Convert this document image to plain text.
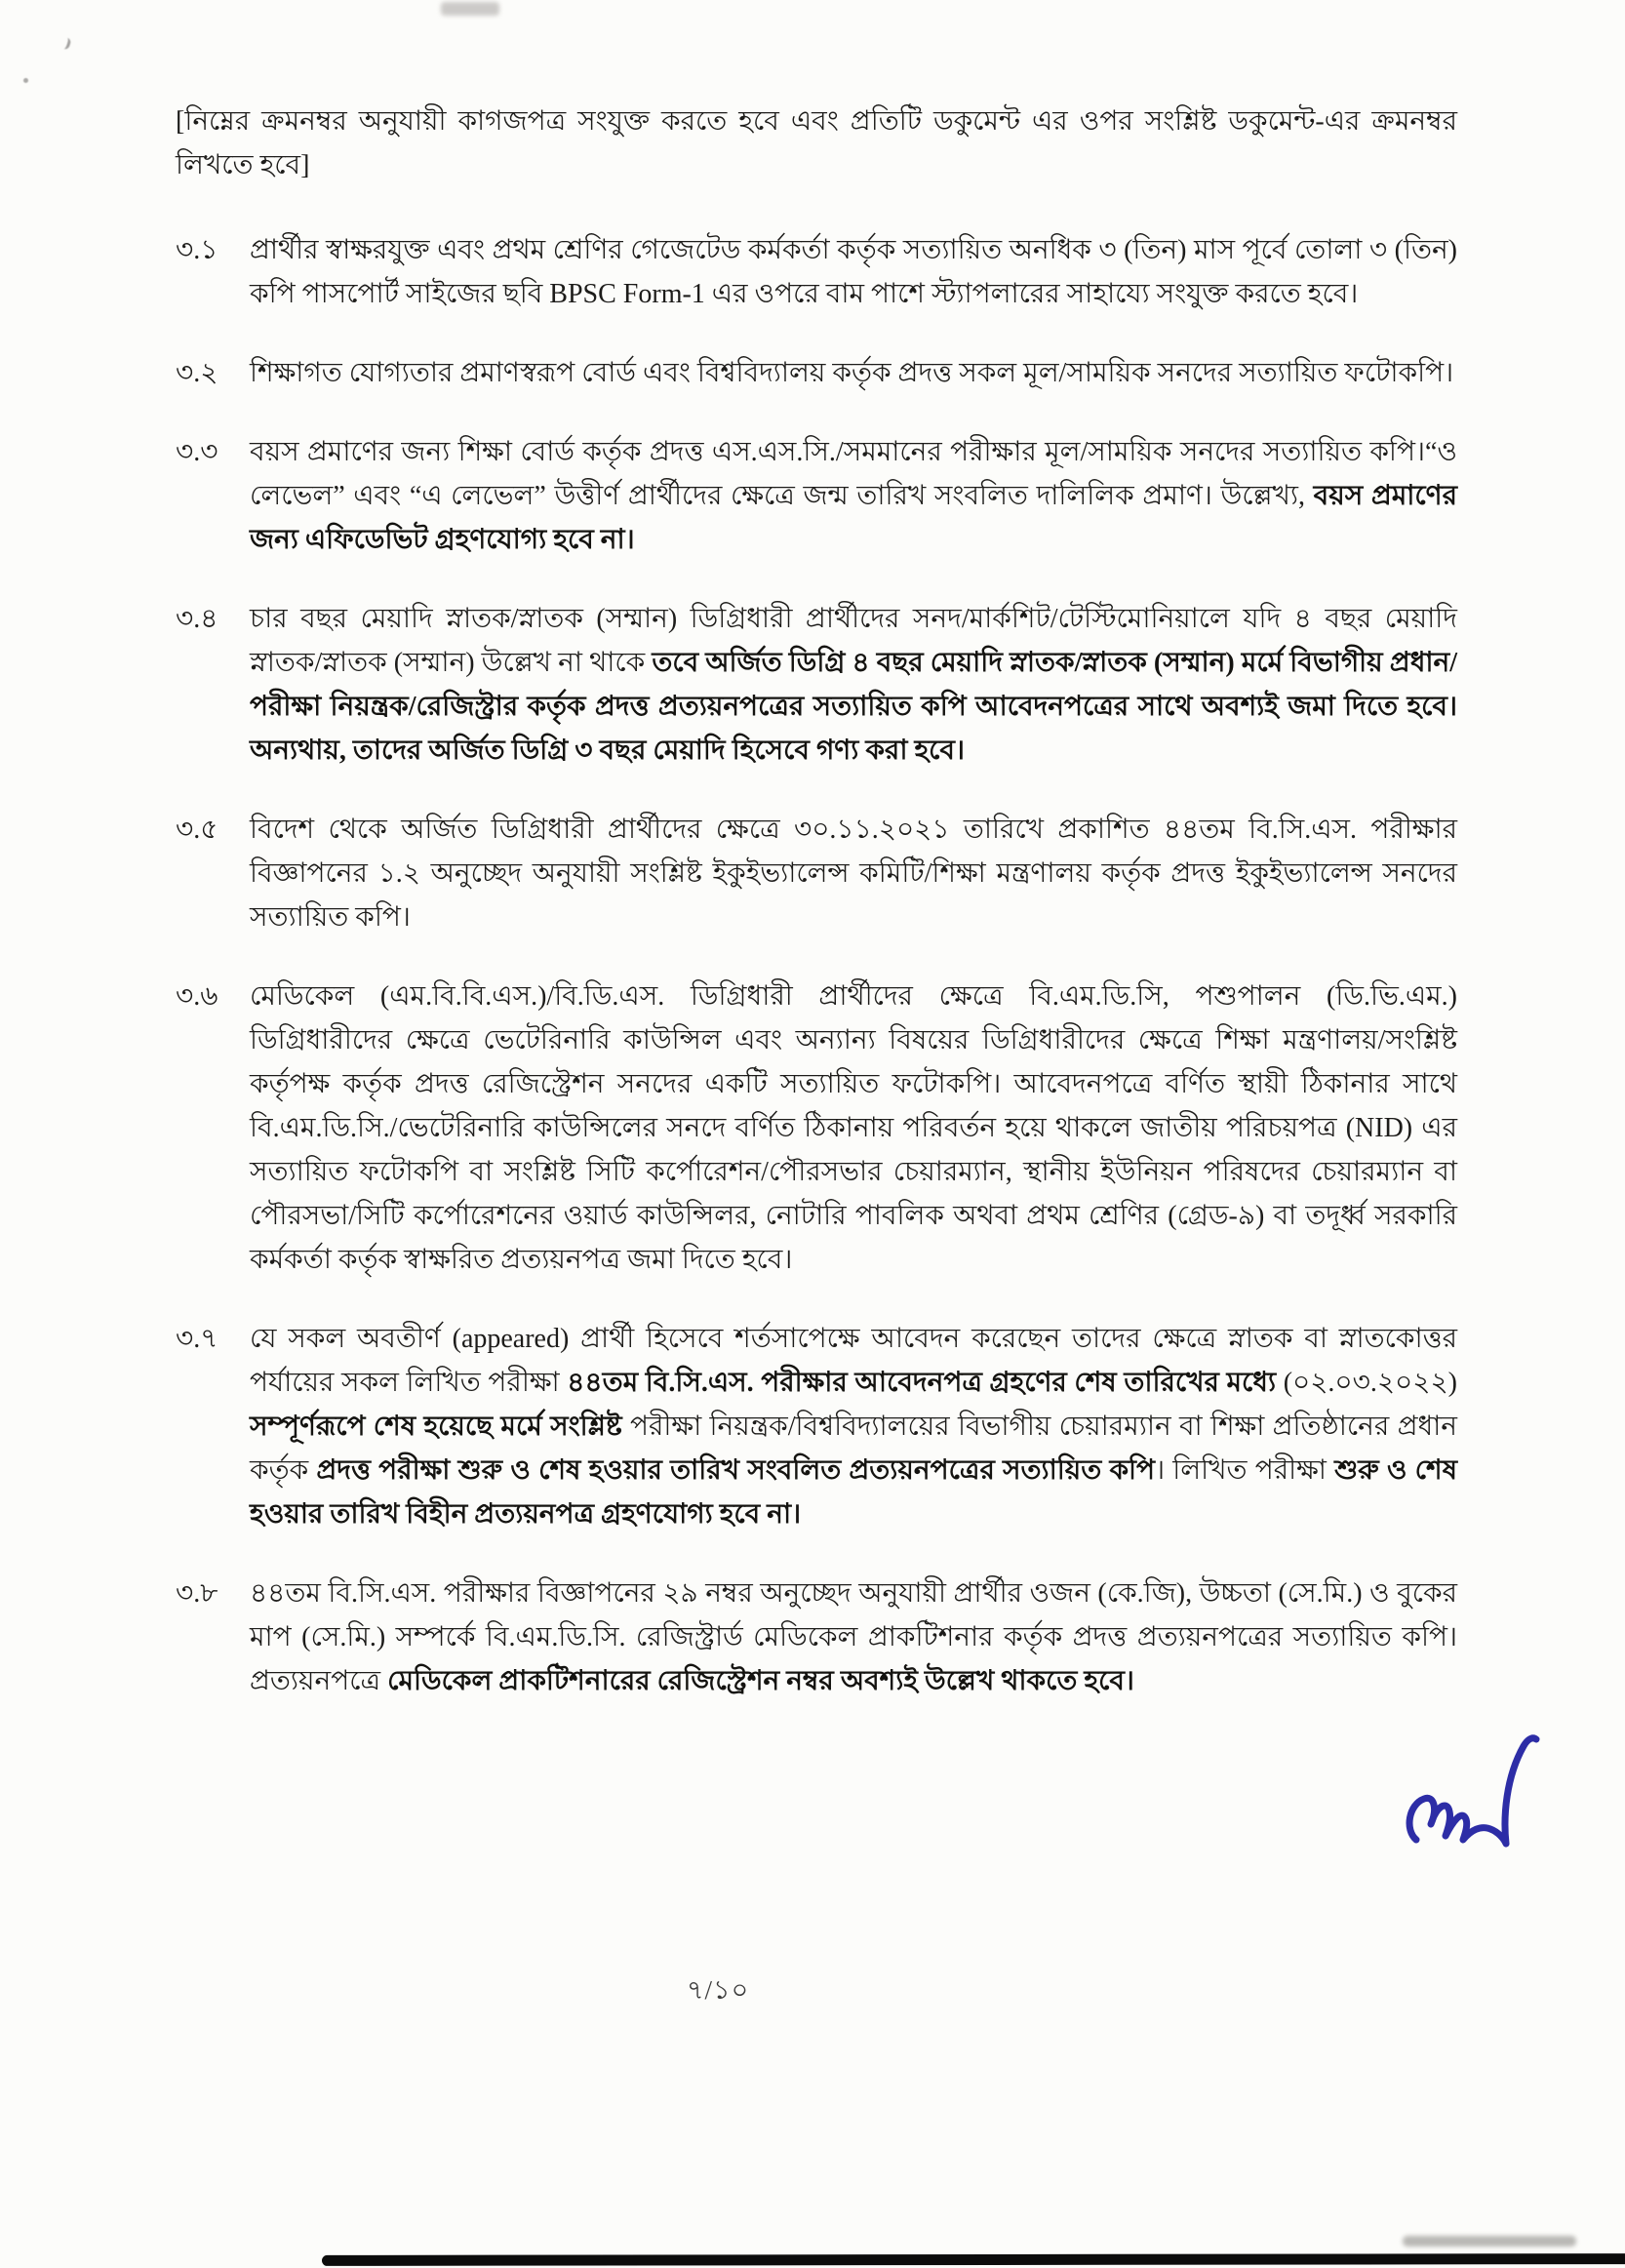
[নিম্নের ক্রমনম্বর অনুযায়ী কাগজপত্র সংযুক্ত করতে হবে এবং প্রতিটি ডকুমেন্ট এর ওপর সংশ্লিষ্ট ডকুমেন্ট-এর ক্রমনম্বর লিখতে হবে]

৩.১	প্রার্থীর স্বাক্ষরযুক্ত এবং প্রথম শ্রেণির গেজেটেড কর্মকর্তা কর্তৃক সত্যায়িত অনধিক ৩ (তিন) মাস পূর্বে তোলা ৩ (তিন) কপি পাসপোর্ট সাইজের ছবি BPSC Form-1 এর ওপরে বাম পাশে স্ট্যাপলারের সাহায্যে সংযুক্ত করতে হবে।
৩.২	শিক্ষাগত যোগ্যতার প্রমাণস্বরূপ বোর্ড এবং বিশ্ববিদ্যালয় কর্তৃক প্রদত্ত সকল মূল/সাময়িক সনদের সত্যায়িত ফটোকপি।
৩.৩	বয়স প্রমাণের জন্য শিক্ষা বোর্ড কর্তৃক প্রদত্ত এস.এস.সি./সমমানের পরীক্ষার মূল/সাময়িক সনদের সত্যায়িত কপি।“ও লেভেল” এবং “এ লেভেল” উত্তীর্ণ প্রার্থীদের ক্ষেত্রে জন্ম তারিখ সংবলিত দালিলিক প্রমাণ। উল্লেখ্য, বয়স প্রমাণের জন্য এফিডেভিট গ্রহণযোগ্য হবে না।
৩.৪	চার বছর মেয়াদি স্নাতক/স্নাতক (সম্মান) ডিগ্রিধারী প্রার্থীদের সনদ/মার্কশিট/টেস্টিমোনিয়ালে যদি ৪ বছর মেয়াদি স্নাতক/স্নাতক (সম্মান) উল্লেখ না থাকে তবে অর্জিত ডিগ্রি ৪ বছর মেয়াদি স্নাতক/স্নাতক (সম্মান) মর্মে বিভাগীয় প্রধান/পরীক্ষা নিয়ন্ত্রক/রেজিস্ট্রার কর্তৃক প্রদত্ত প্রত্যয়নপত্রের সত্যায়িত কপি আবেদনপত্রের সাথে অবশ্যই জমা দিতে হবে। অন্যথায়, তাদের অর্জিত ডিগ্রি ৩ বছর মেয়াদি হিসেবে গণ্য করা হবে।
৩.৫	বিদেশ থেকে অর্জিত ডিগ্রিধারী প্রার্থীদের ক্ষেত্রে ৩০.১১.২০২১ তারিখে প্রকাশিত ৪৪তম বি.সি.এস. পরীক্ষার বিজ্ঞাপনের ১.২ অনুচ্ছেদ অনুযায়ী সংশ্লিষ্ট ইকুইভ্যালেন্স কমিটি/শিক্ষা মন্ত্রণালয় কর্তৃক প্রদত্ত ইকুইভ্যালেন্স সনদের সত্যায়িত কপি।
৩.৬	মেডিকেল (এম.বি.বি.এস.)/বি.ডি.এস. ডিগ্রিধারী প্রার্থীদের ক্ষেত্রে বি.এম.ডি.সি, পশুপালন (ডি.ভি.এম.) ডিগ্রিধারীদের ক্ষেত্রে ভেটেরিনারি কাউন্সিল এবং অন্যান্য বিষয়ের ডিগ্রিধারীদের ক্ষেত্রে শিক্ষা মন্ত্রণালয়/সংশ্লিষ্ট কর্তৃপক্ষ কর্তৃক প্রদত্ত রেজিস্ট্রেশন সনদের একটি সত্যায়িত ফটোকপি। আবেদনপত্রে বর্ণিত স্থায়ী ঠিকানার সাথে বি.এম.ডি.সি./ভেটেরিনারি কাউন্সিলের সনদে বর্ণিত ঠিকানায় পরিবর্তন হয়ে থাকলে জাতীয় পরিচয়পত্র (NID) এর সত্যায়িত ফটোকপি বা সংশ্লিষ্ট সিটি কর্পোরেশন/পৌরসভার চেয়ারম্যান, স্থানীয় ইউনিয়ন পরিষদের চেয়ারম্যান বা পৌরসভা/সিটি কর্পোরেশনের ওয়ার্ড কাউন্সিলর, নোটারি পাবলিক অথবা প্রথম শ্রেণির (গ্রেড-৯) বা তদূর্ধ্ব সরকারি কর্মকর্তা কর্তৃক স্বাক্ষরিত প্রত্যয়নপত্র জমা দিতে হবে।
৩.৭	যে সকল অবতীর্ণ (appeared) প্রার্থী হিসেবে শর্তসাপেক্ষে আবেদন করেছেন তাদের ক্ষেত্রে স্নাতক বা স্নাতকোত্তর পর্যায়ের সকল লিখিত পরীক্ষা ৪৪তম বি.সি.এস. পরীক্ষার আবেদনপত্র গ্রহণের শেষ তারিখের মধ্যে (০২.০৩.২০২২) সম্পূর্ণরূপে শেষ হয়েছে মর্মে সংশ্লিষ্ট পরীক্ষা নিয়ন্ত্রক/বিশ্ববিদ্যালয়ের বিভাগীয় চেয়ারম্যান বা শিক্ষা প্রতিষ্ঠানের প্রধান কর্তৃক প্রদত্ত পরীক্ষা শুরু ও শেষ হওয়ার তারিখ সংবলিত প্রত্যয়নপত্রের সত্যায়িত কপি। লিখিত পরীক্ষা শুরু ও শেষ হওয়ার তারিখ বিহীন প্রত্যয়নপত্র গ্রহণযোগ্য হবে না।
৩.৮	৪৪তম বি.সি.এস. পরীক্ষার বিজ্ঞাপনের ২৯ নম্বর অনুচ্ছেদ অনুযায়ী প্রার্থীর ওজন (কে.জি), উচ্চতা (সে.মি.) ও বুকের মাপ (সে.মি.) সম্পর্কে বি.এম.ডি.সি. রেজিস্ট্রার্ড মেডিকেল প্রাকটিশনার কর্তৃক প্রদত্ত প্রত্যয়নপত্রের সত্যায়িত কপি। প্রত্যয়নপত্রে মেডিকেল প্রাকটিশনারের রেজিস্ট্রেশন নম্বর অবশ্যই উল্লেখ থাকতে হবে।
৭/১০
